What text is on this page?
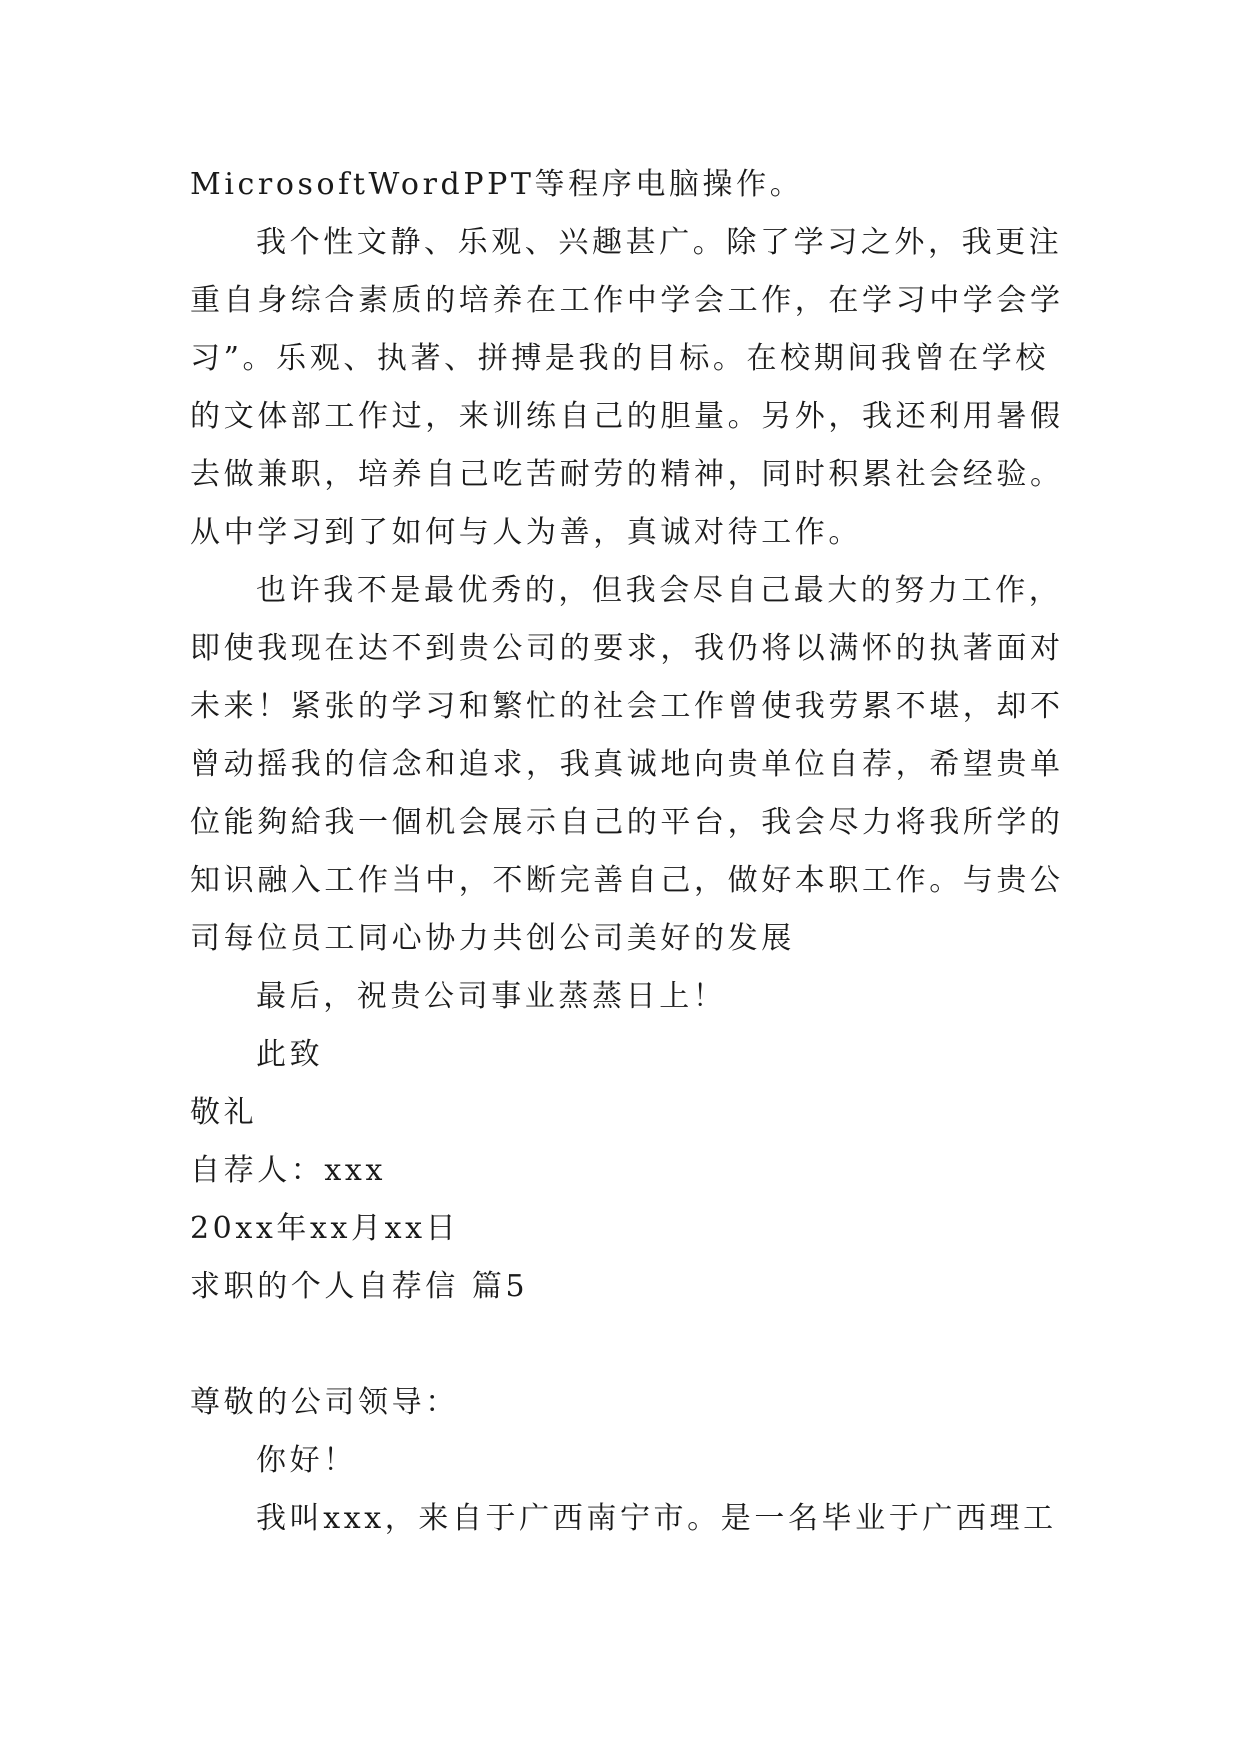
MicrosoftWordPPT等程序电脑操作。
我个性文静、乐观、兴趣甚广。除了学习之外，我更注
重自身综合素质的培养在工作中学会工作，在学习中学会学
习”。乐观、执著、拼搏是我的目标。在校期间我曾在学校
的文体部工作过，来训练自己的胆量。另外，我还利用暑假
去做兼职，培养自己吃苦耐劳的精神，同时积累社会经验。
从中学习到了如何与人为善，真诚对待工作。
也许我不是最优秀的，但我会尽自己最大的努力工作，
即使我现在达不到贵公司的要求，我仍将以满怀的执著面对
未来！紧张的学习和繁忙的社会工作曾使我劳累不堪，却不
曾动摇我的信念和追求，我真诚地向贵单位自荐，希望贵单
位能夠給我一個机会展示自己的平台，我会尽力将我所学的
知识融入工作当中，不断完善自己，做好本职工作。与贵公
司每位员工同心协力共创公司美好的发展
最后，祝贵公司事业蒸蒸日上！
此致
敬礼
自荐人：xxx
20xx年xx月xx日
求职的个人自荐信 篇5
尊敬的公司领导：
你好！
我叫xxx，来自于广西南宁市。是一名毕业于广西理工
